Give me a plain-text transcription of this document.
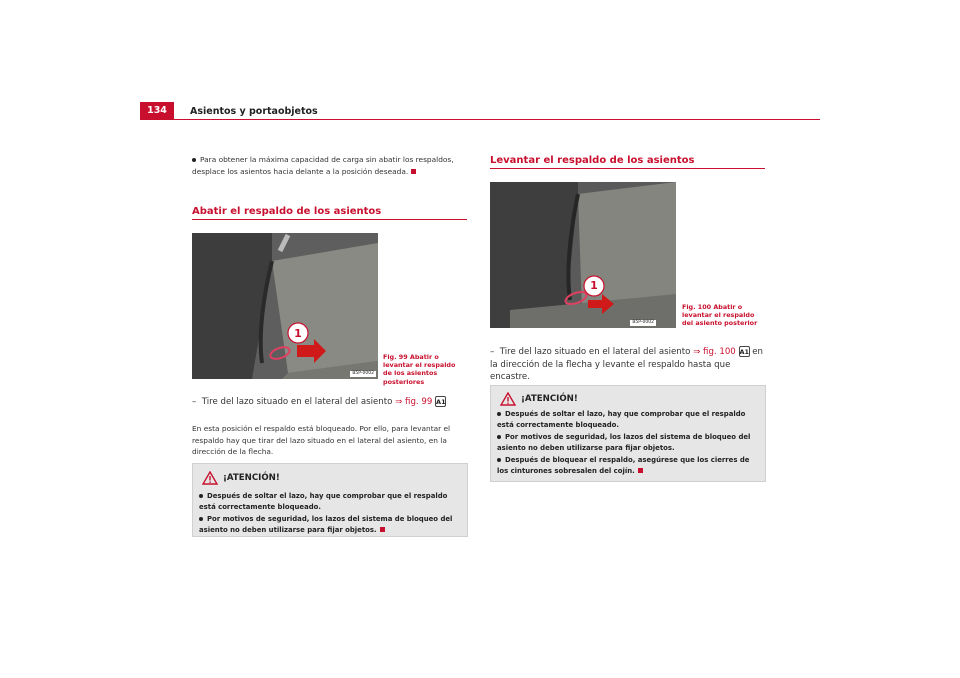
134	Asientos y portaobjetos
Para obtener la máxima capacidad de carga sin abatir los respaldos, desplace los asientos hacia delante a la posición deseada.
Abatir el respaldo de los asientos
1
B5P-0002
Fig. 99 Abatir o levantar el respaldo de los asientos posteriores
– Tire del lazo situado en el lateral del asiento ⇒ fig. 99 A1
En esta posición el respaldo está bloqueado. Por ello, para levantar el respaldo hay que tirar del lazo situado en el lateral del asiento, en la dirección de la flecha.
¡ATENCIÓN!
Después de soltar el lazo, hay que comprobar que el respaldo está correctamente bloqueado.
Por motivos de seguridad, los lazos del sistema de bloqueo del asiento no deben utilizarse para fijar objetos.
Levantar el respaldo de los asientos
1
B5P-0002
Fig. 100 Abatir o levantar el respaldo del asiento posterior
– Tire del lazo situado en el lateral del asiento ⇒ fig. 100 A1 en la dirección de la flecha y levante el respaldo hasta que encastre.
¡ATENCIÓN!
Después de soltar el lazo, hay que comprobar que el respaldo está correctamente bloqueado.
Por motivos de seguridad, los lazos del sistema de bloqueo del asiento no deben utilizarse para fijar objetos.
Después de bloquear el respaldo, asegúrese que los cierres de los cinturones sobresalen del cojín.
